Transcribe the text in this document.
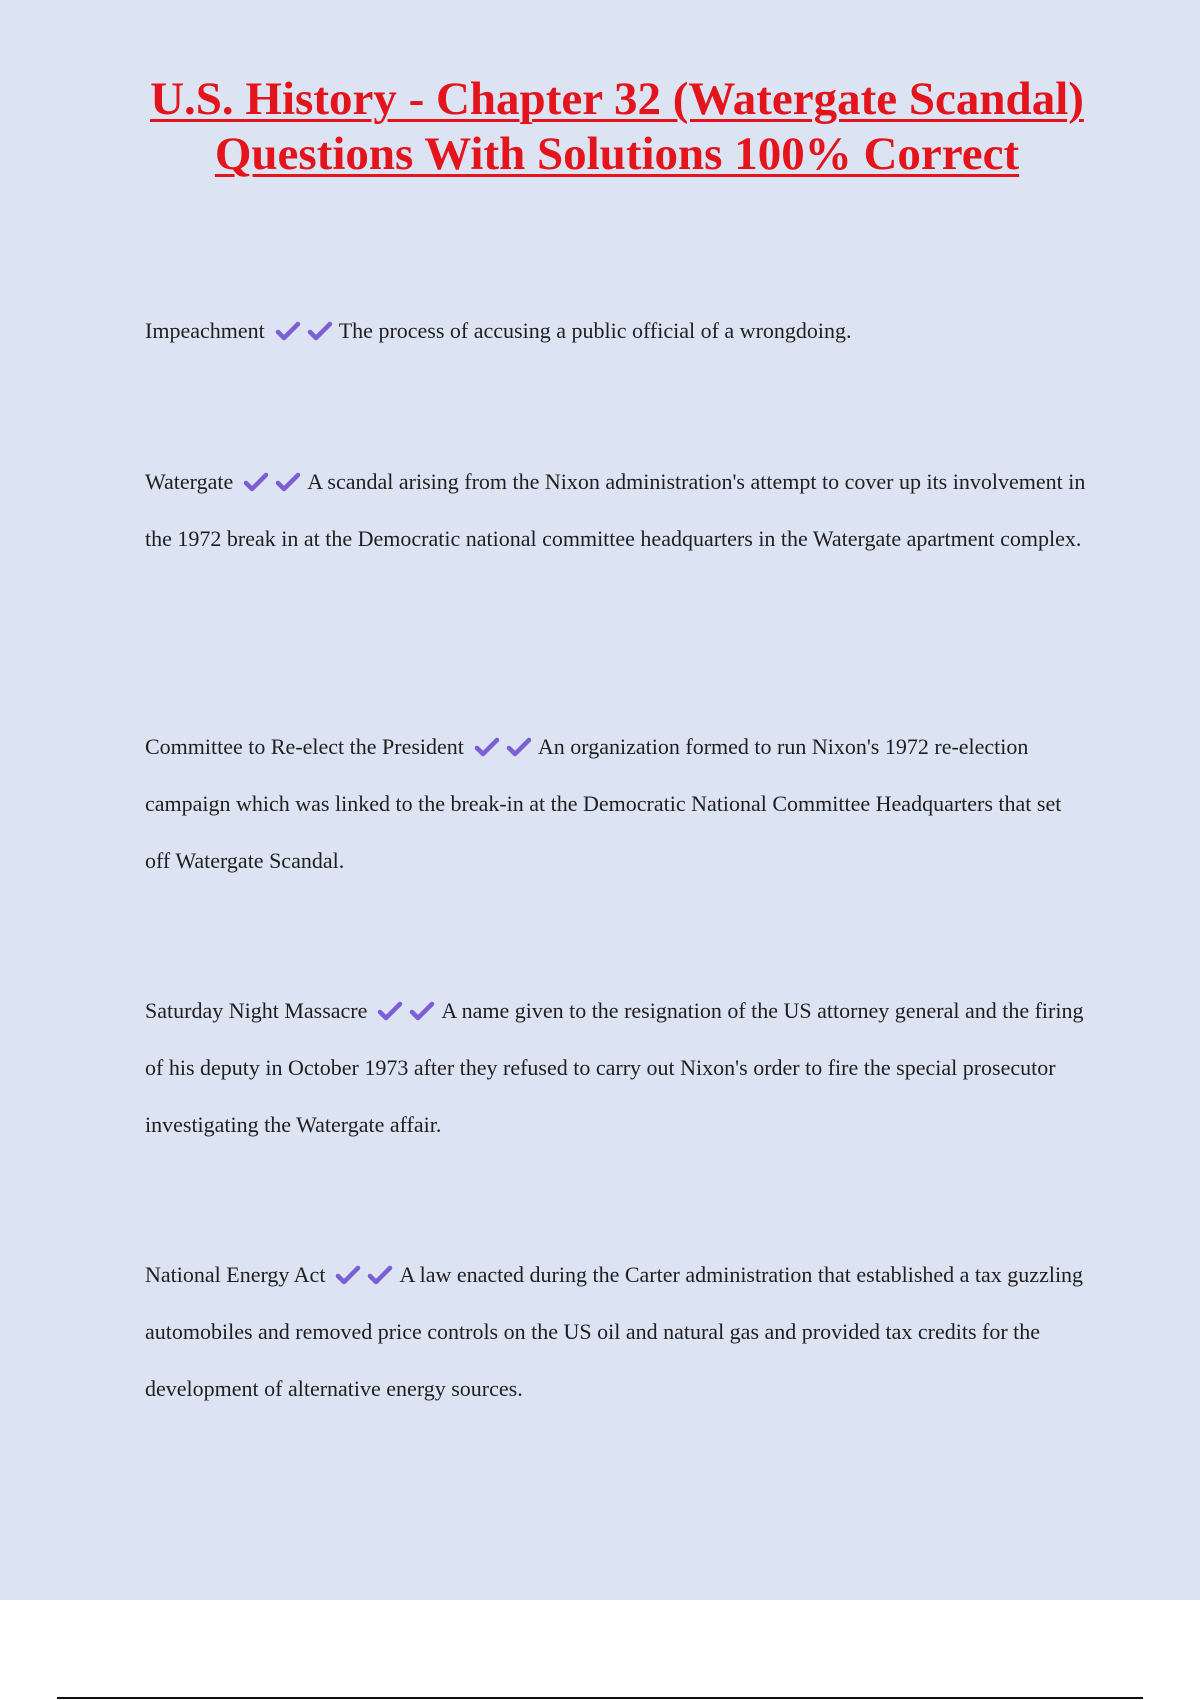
U.S. History - Chapter 32 (Watergate Scandal) Questions With Solutions 100% Correct

Impeachment	The process of accusing a public official of a wrongdoing.

Watergate	A scandal arising from the Nixon administration's attempt to cover up its involvement in the 1972 break in at the Democratic national committee headquarters in the Watergate apartment complex.

Committee to Re-elect the President	An organization formed to run Nixon's 1972 re-election campaign which was linked to the break-in at the Democratic National Committee Headquarters that set off Watergate Scandal.

Saturday Night Massacre	A name given to the resignation of the US attorney general and the firing of his deputy in October 1973 after they refused to carry out Nixon's order to fire the special prosecutor investigating the Watergate affair.

National Energy Act	A law enacted during the Carter administration that established a tax guzzling automobiles and removed price controls on the US oil and natural gas and provided tax credits for the development of alternative energy sources.
